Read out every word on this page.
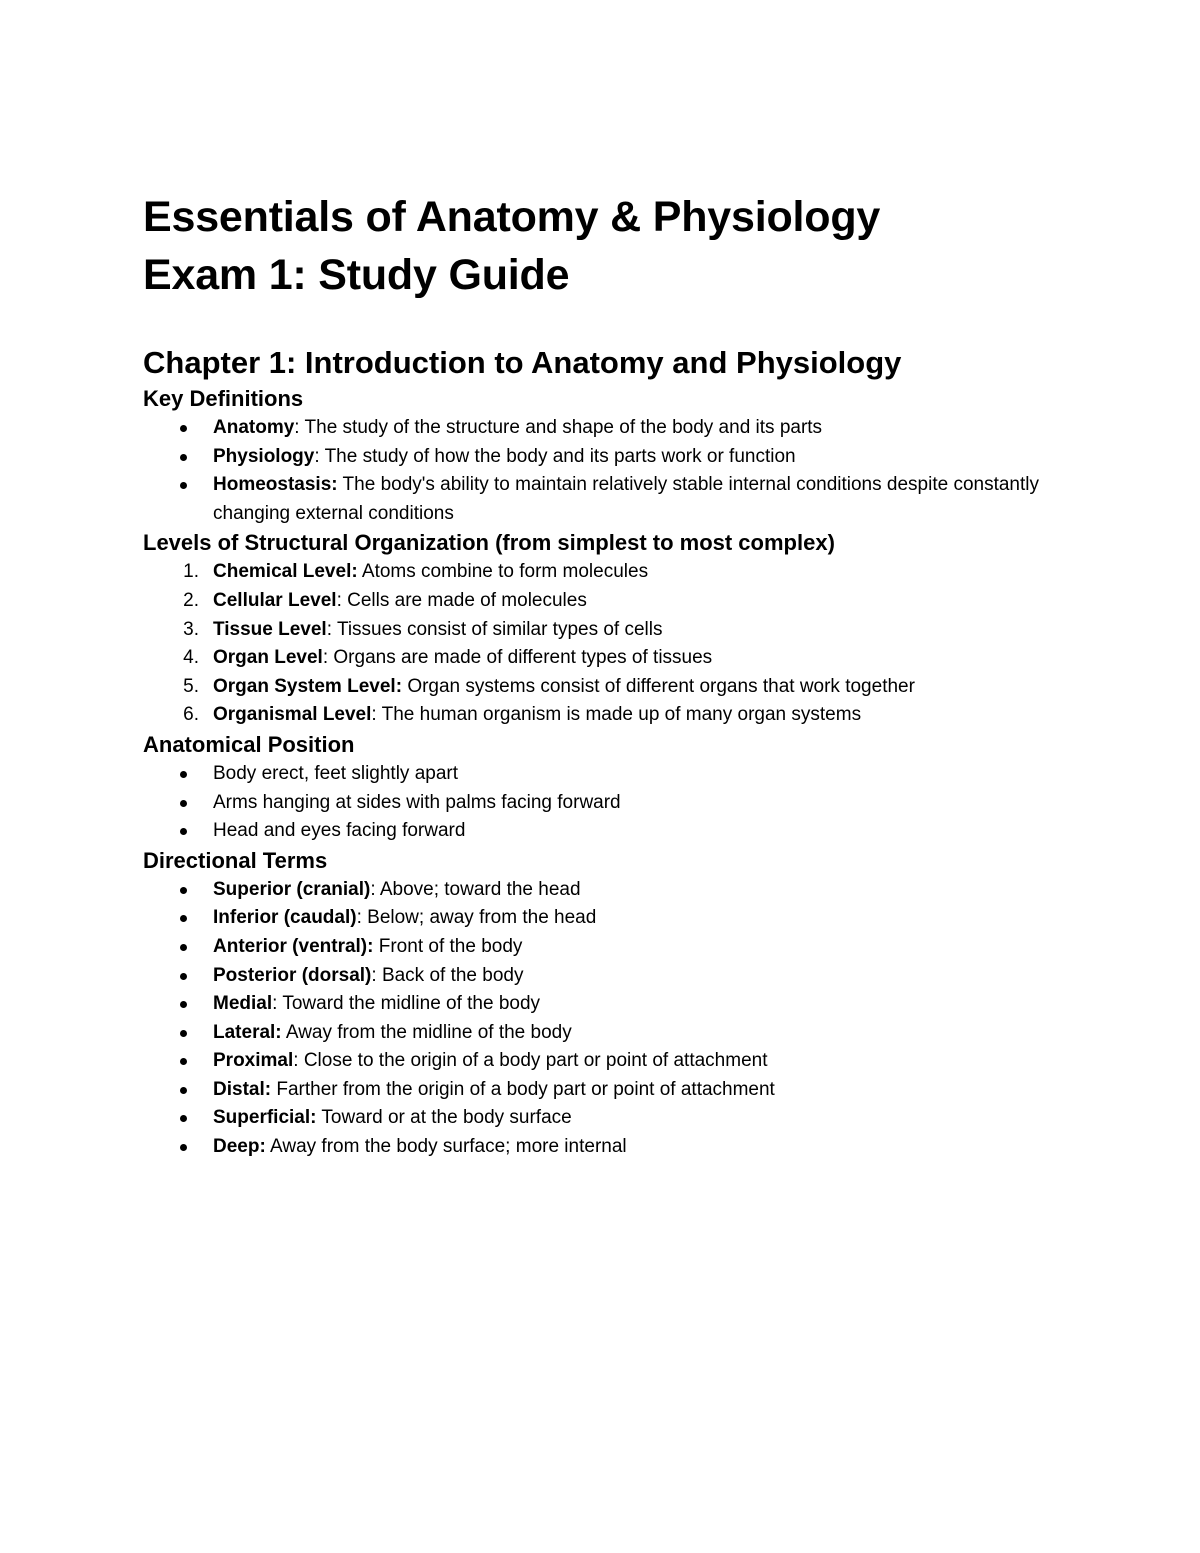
Essentials of Anatomy & Physiology
Exam 1: Study Guide
Chapter 1: Introduction to Anatomy and Physiology
Key Definitions
Anatomy: The study of the structure and shape of the body and its parts
Physiology: The study of how the body and its parts work or function
Homeostasis: The body's ability to maintain relatively stable internal conditions despite constantly changing external conditions
Levels of Structural Organization (from simplest to most complex)
1. Chemical Level: Atoms combine to form molecules
2. Cellular Level: Cells are made of molecules
3. Tissue Level: Tissues consist of similar types of cells
4. Organ Level: Organs are made of different types of tissues
5. Organ System Level: Organ systems consist of different organs that work together
6. Organismal Level: The human organism is made up of many organ systems
Anatomical Position
Body erect, feet slightly apart
Arms hanging at sides with palms facing forward
Head and eyes facing forward
Directional Terms
Superior (cranial): Above; toward the head
Inferior (caudal): Below; away from the head
Anterior (ventral): Front of the body
Posterior (dorsal): Back of the body
Medial: Toward the midline of the body
Lateral: Away from the midline of the body
Proximal: Close to the origin of a body part or point of attachment
Distal: Farther from the origin of a body part or point of attachment
Superficial: Toward or at the body surface
Deep: Away from the body surface; more internal
